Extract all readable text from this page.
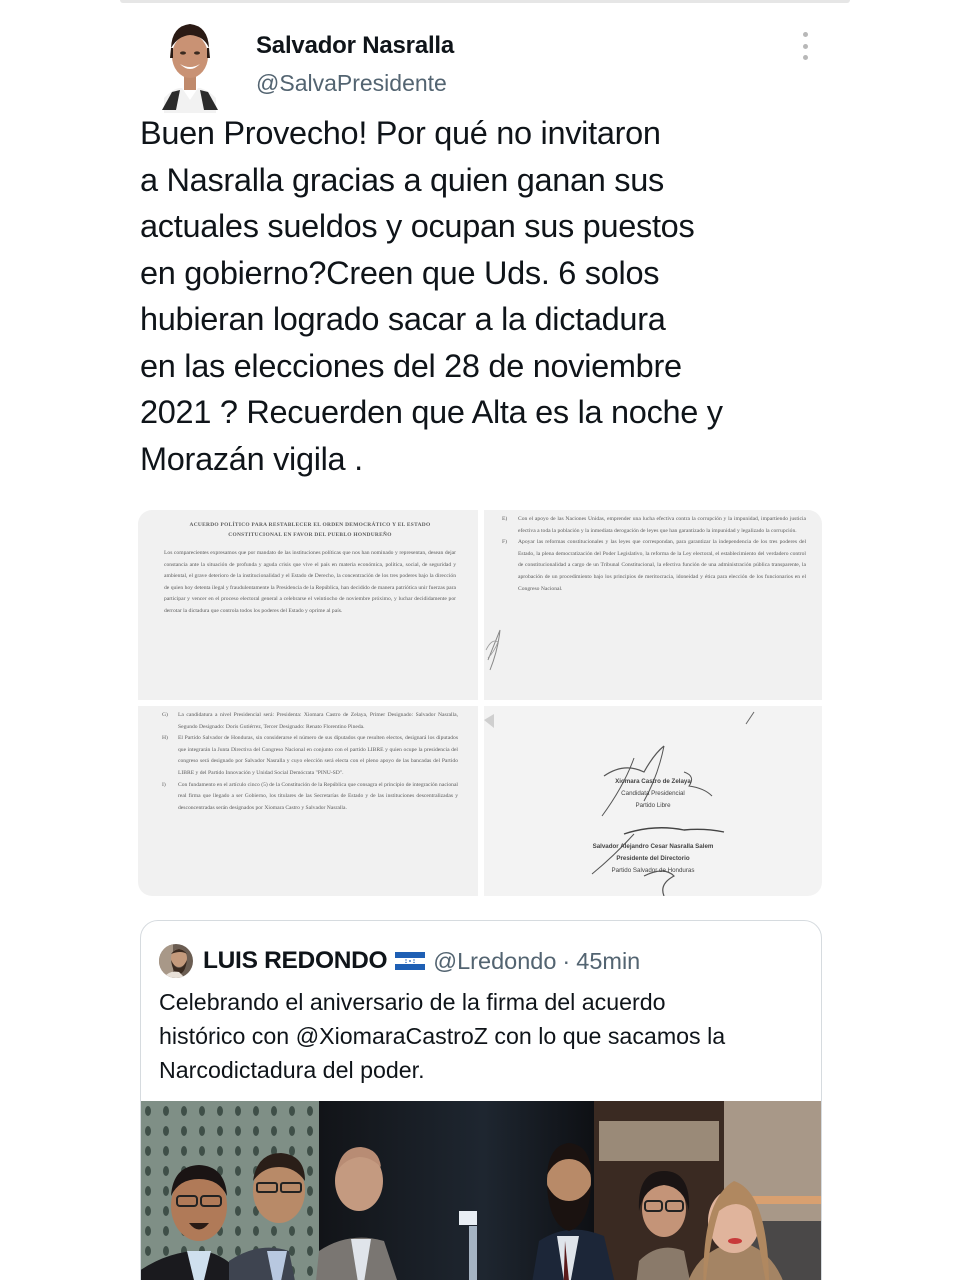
Salvador Nasralla
@SalvaPresidente
Buen Provecho! Por qué no invitaron
a Nasralla gracias a quien ganan sus
actuales sueldos y ocupan sus puestos
en gobierno?Creen que Uds. 6 solos
hubieran logrado sacar a la dictadura
en las elecciones del 28 de noviembre
2021 ? Recuerden que Alta es la noche y
Morazán vigila .
ACUERDO POLÍTICO PARA RESTABLECER EL ORDEN DEMOCRÁTICO Y EL ESTADO CONSTITUCIONAL EN FAVOR DEL PUEBLO HONDUREÑO

Los comparecientes expresamos que por mandato de las instituciones políticas que nos han nominado y representan, desean dejar constancia ante la situación de profunda y aguda crisis que vive el país en materia económica, política, social, de seguridad y ambiental, el grave deterioro de la institucionalidad y el Estado de Derecho, la concentración de los tres poderes bajo la dirección de quien hoy detenta ilegal y fraudulentamente la Presidencia de la República, han decidido de manera patriótica unir fuerzas para participar y vencer en el proceso electoral general a celebrarse el veintiocho de noviembre próximo, y luchar decididamente por derrotar la dictadura que controla todos los poderes del Estado y oprime al país.

E)	Con el apoyo de las Naciones Unidas, emprender una lucha efectiva contra la corrupción y la impunidad, impartiendo justicia efectiva a toda la población y la inmediata derogación de leyes que han garantizado la impunidad y legalizado la corrupción.

F)	Apoyar las reformas constitucionales y las leyes que correspondan, para garantizar la independencia de los tres poderes del Estado, la plena democratización del Poder Legislativo, la reforma de la Ley electoral, el establecimiento del verdadero control de constitucionalidad a cargo de un Tribunal Constitucional, la efectiva función de una administración pública transparente, la aprobación de un procedimiento bajo los principios de meritocracia, idoneidad y ética para elección de los funcionarios en el Congreso Nacional.

G)	La candidatura a nivel Presidencial será: Presidenta: Xiomara Castro de Zelaya, Primer Designado: Salvador Nasralla, Segundo Designado: Doris Gutiérrez, Tercer Designado: Renato Florentino Pineda.

H)	El Partido Salvador de Honduras, sin considerarse el número de sus diputados que resulten electos, designará los diputados que integrarán la Junta Directiva del Congreso Nacional en conjunto con el partido LIBRE y quien ocupe la presidencia del congreso será designado por Salvador Nasralla y cuyo elección será electa con el pleno apoyo de las bancadas del Partido LIBRE y del Partido Innovación y Unidad Social Demócrata "PINU-SD".

I)	Con fundamento en el artículo cinco (5) de la Constitución de la República que consagra el principio de integración nacional real firma que llegado a ser Gobierno, los titulares de las Secretarías de Estado y de las instituciones descentralizadas y desconcentradas serán designados por Xiomara Castro y Salvador Nasralla.

Xiomara Castro de Zelaya
Candidata Presidencial
Partido Libre
Salvador Alejandro Cesar Nasralla Salem
Presidente del Directorio
Partido Salvador de Honduras
LUIS REDONDO @Lredondo · 45min
Celebrando el aniversario de la firma del acuerdo
histórico con @XiomaraCastroZ con lo que sacamos la
Narcodictadura del poder.
